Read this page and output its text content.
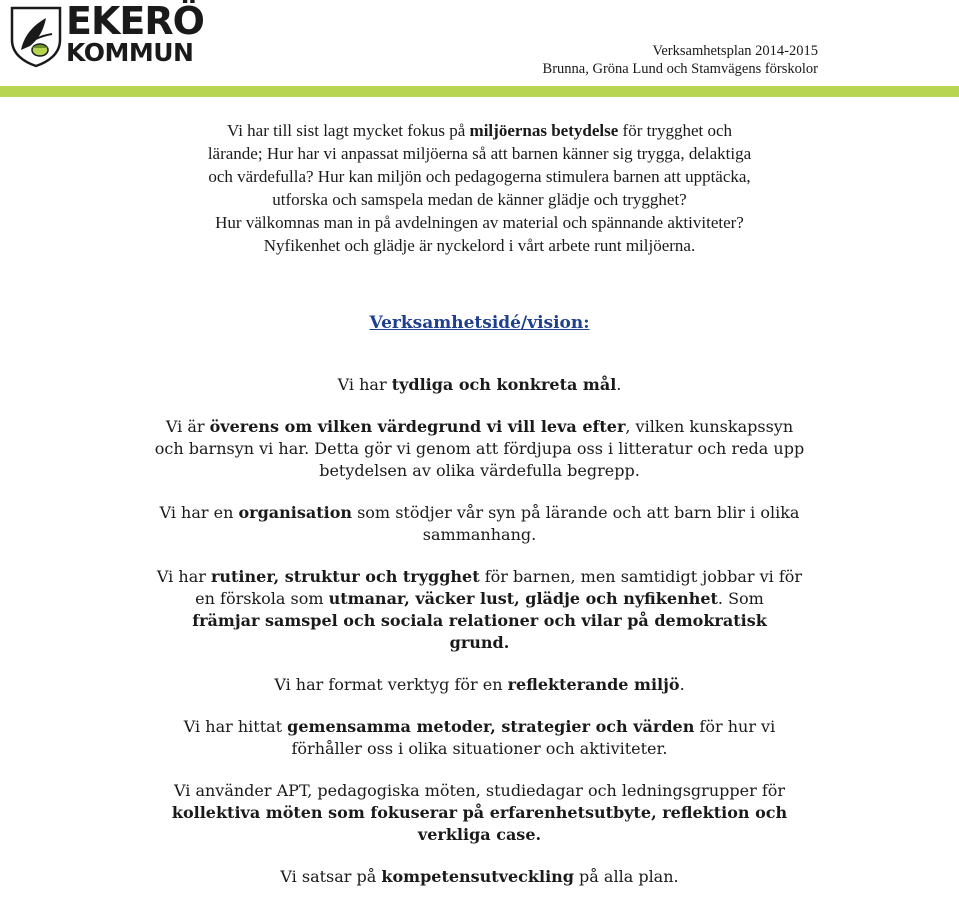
EKERÖ
KOMMUN	Verksamhetsplan 2014-2015
Brunna, Gröna Lund och Stamvägens förskolor
Vi har till sist lagt mycket fokus på miljöernas betydelse för trygghet och
lärande; Hur har vi anpassat miljöerna så att barnen känner sig trygga, delaktiga
och värdefulla? Hur kan miljön och pedagogerna stimulera barnen att upptäcka,
utforska och samspela medan de känner glädje och trygghet?
Hur välkomnas man in på avdelningen av material och spännande aktiviteter?
Nyfikenhet och glädje är nyckelord i vårt arbete runt miljöerna.
Verksamhetsidé/vision:
Vi har tydliga och konkreta mål.
Vi är överens om vilken värdegrund vi vill leva efter, vilken kunskapssyn
och barnsyn vi har. Detta gör vi genom att fördjupa oss i litteratur och reda upp
betydelsen av olika värdefulla begrepp.
Vi har en organisation som stödjer vår syn på lärande och att barn blir i olika
sammanhang.
Vi har rutiner, struktur och trygghet för barnen, men samtidigt jobbar vi för
en förskola som utmanar, väcker lust, glädje och nyfikenhet. Som
främjar samspel och sociala relationer och vilar på demokratisk
grund.
Vi har format verktyg för en reflekterande miljö.
Vi har hittat gemensamma metoder, strategier och värden för hur vi
förhåller oss i olika situationer och aktiviteter.
Vi använder APT, pedagogiska möten, studiedagar och ledningsgrupper för
kollektiva möten som fokuserar på erfarenhetsutbyte, reflektion och
verkliga case.
Vi satsar på kompetensutveckling på alla plan.
